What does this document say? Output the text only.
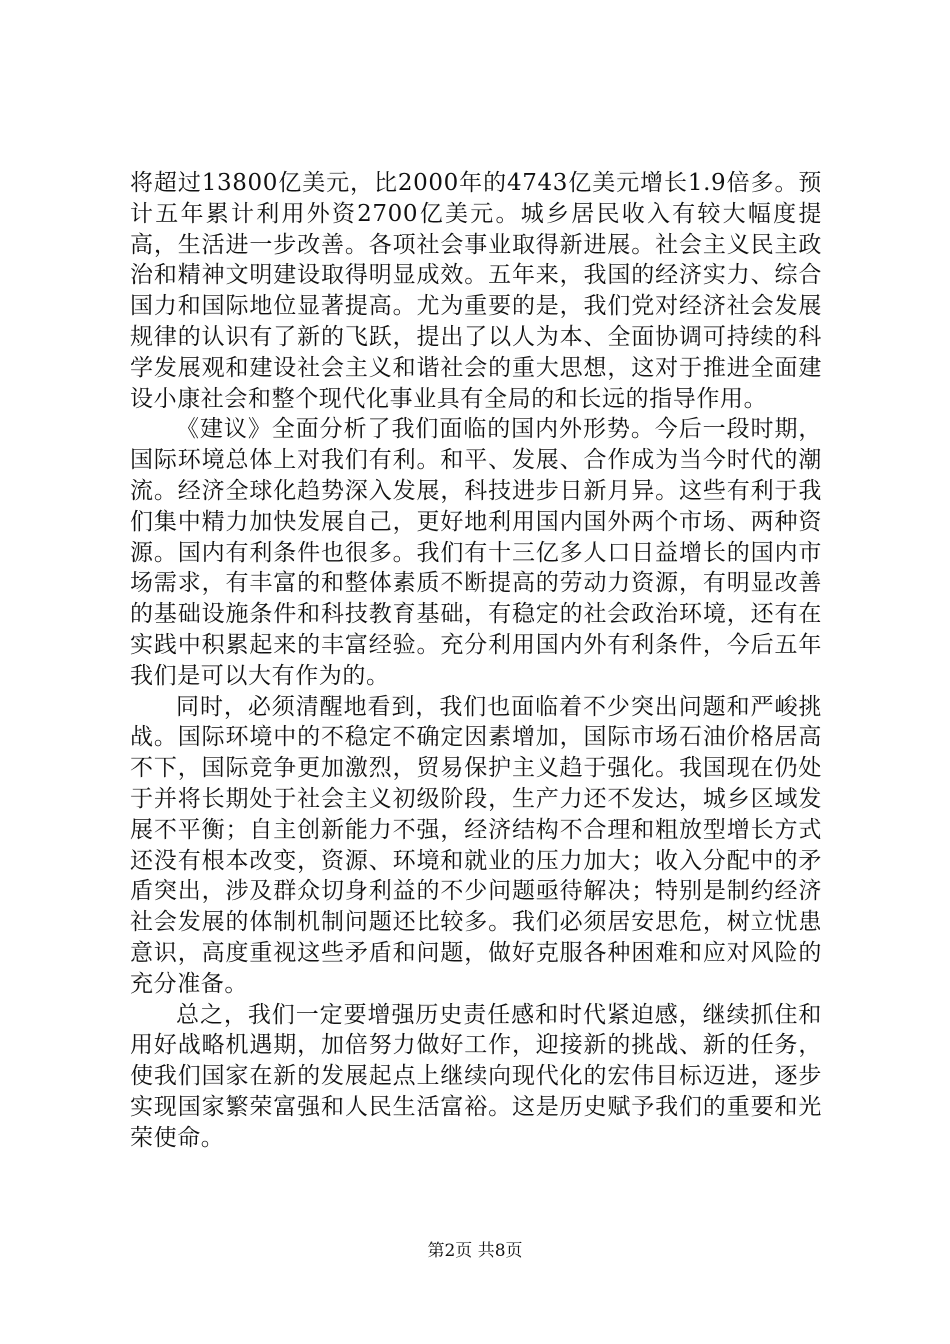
将超过13800亿美元，比2000年的4743亿美元增长1.9倍多。预计五年累计利用外资2700亿美元。城乡居民收入有较大幅度提高，生活进一步改善。各项社会事业取得新进展。社会主义民主政治和精神文明建设取得明显成效。五年来，我国的经济实力、综合国力和国际地位显著提高。尤为重要的是，我们党对经济社会发展规律的认识有了新的飞跃，提出了以人为本、全面协调可持续的科学发展观和建设社会主义和谐社会的重大思想，这对于推进全面建设小康社会和整个现代化事业具有全局的和长远的指导作用。

《建议》全面分析了我们面临的国内外形势。今后一段时期，国际环境总体上对我们有利。和平、发展、合作成为当今时代的潮流。经济全球化趋势深入发展，科技进步日新月异。这些有利于我们集中精力加快发展自己，更好地利用国内国外两个市场、两种资源。国内有利条件也很多。我们有十三亿多人口日益增长的国内市场需求，有丰富的和整体素质不断提高的劳动力资源，有明显改善的基础设施条件和科技教育基础，有稳定的社会政治环境，还有在实践中积累起来的丰富经验。充分利用国内外有利条件，今后五年我们是可以大有作为的。

同时，必须清醒地看到，我们也面临着不少突出问题和严峻挑战。国际环境中的不稳定不确定因素增加，国际市场石油价格居高不下，国际竞争更加激烈，贸易保护主义趋于强化。我国现在仍处于并将长期处于社会主义初级阶段，生产力还不发达，城乡区域发展不平衡；自主创新能力不强，经济结构不合理和粗放型增长方式还没有根本改变，资源、环境和就业的压力加大；收入分配中的矛盾突出，涉及群众切身利益的不少问题亟待解决；特别是制约经济社会发展的体制机制问题还比较多。我们必须居安思危，树立忧患意识，高度重视这些矛盾和问题，做好克服各种困难和应对风险的充分准备。

总之，我们一定要增强历史责任感和时代紧迫感，继续抓住和用好战略机遇期，加倍努力做好工作，迎接新的挑战、新的任务，使我们国家在新的发展起点上继续向现代化的宏伟目标迈进，逐步实现国家繁荣富强和人民生活富裕。这是历史赋予我们的重要和光荣使命。

第2页 共8页
